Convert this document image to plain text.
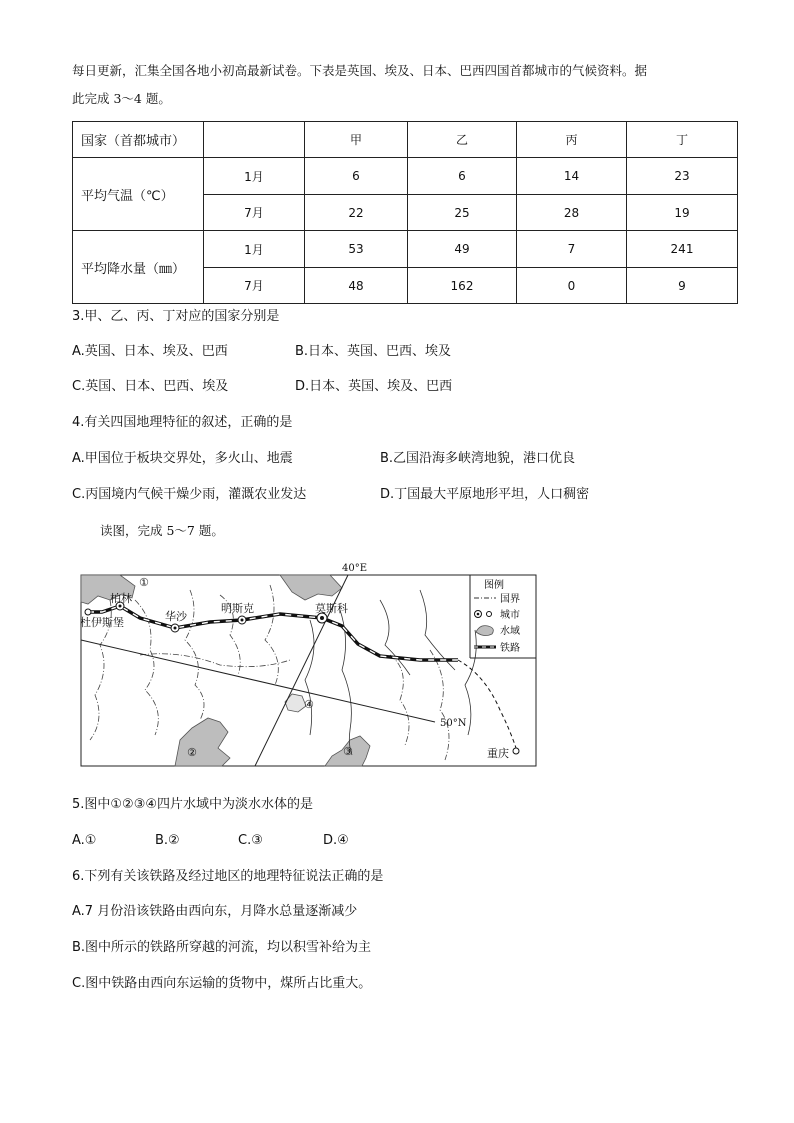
每日更新，汇集全国各地小初高最新试卷。下表是英国、埃及、日本、巴西四国首都城市的气候资料。据
此完成 3～4 题。
国家（首都城市）		甲	乙	丙	丁
平均气温（℃）	1月	6	6	14	23
	7月	22	25	28	19
平均降水量（㎜）	1月	53	49	7	241
	7月	48	162	0	9
3.甲、乙、丙、丁对应的国家分别是
A.英国、日本、埃及、巴西	B.日本、英国、巴西、埃及
C.英国、日本、巴西、埃及	D.日本、英国、埃及、巴西
4.有关四国地理特征的叙述，正确的是
A.甲国位于板块交界处，多火山、地震	B.乙国沿海多峡湾地貌，港口优良
C.丙国境内气候干燥少雨，灌溉农业发达	D.丁国最大平原地形平坦，人口稠密
读图，完成 5～7 题。
柏林
杜伊斯堡	华沙
明斯克	莫斯科
重庆
①
②	③
④
40°E
50°N
图例
国界
城市
水域
铁路
5.图中①②③④四片水域中为淡水水体的是
A.①	B.②	C.③	D.④
6.下列有关该铁路及经过地区的地理特征说法正确的是
A.7 月份沿该铁路由西向东，月降水总量逐渐减少
B.图中所示的铁路所穿越的河流，均以积雪补给为主
C.图中铁路由西向东运输的货物中，煤所占比重大。
